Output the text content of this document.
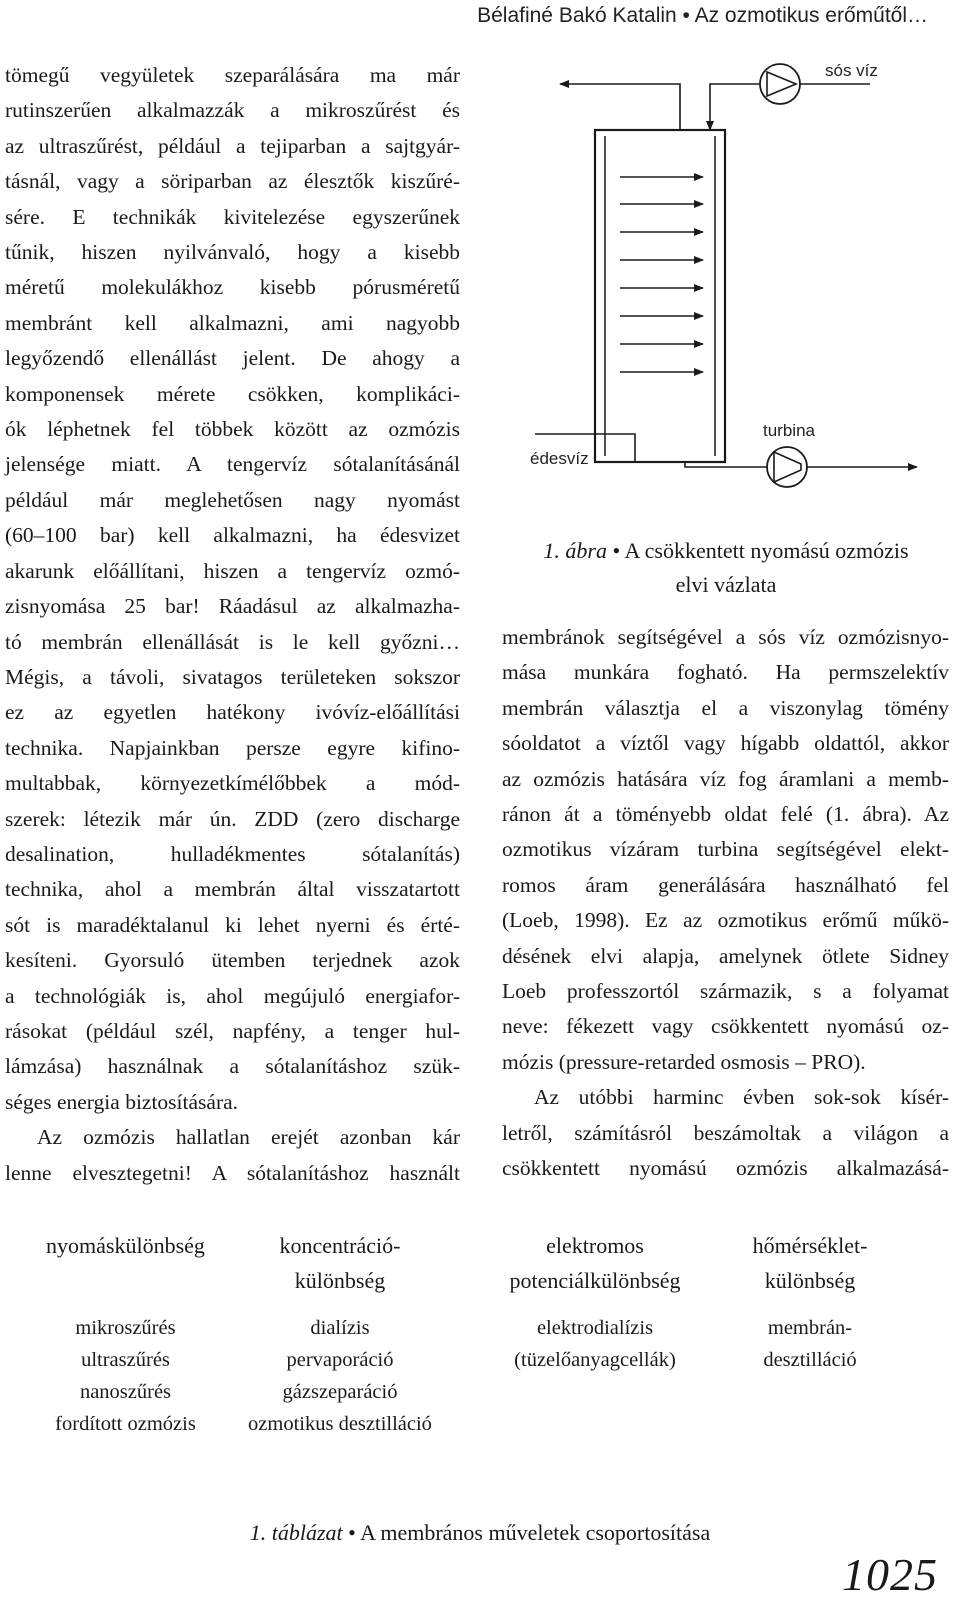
Bélafiné Bakó Katalin • Az ozmotikus erőműtől…
tömegű vegyületek szeparálására ma már
rutinszerűen alkalmazzák a mikroszűrést és
az ultraszűrést, például a tejiparban a sajtgyár-
tásnál, vagy a söriparban az élesztők kiszűré-
sére. E technikák kivitelezése egyszerűnek
tűnik, hiszen nyilvánvaló, hogy a kisebb
méretű molekulákhoz kisebb pórusméretű
membránt kell alkalmazni, ami nagyobb
legyőzendő ellenállást jelent. De ahogy a
komponensek mérete csökken, komplikáci-
ók léphetnek fel többek között az ozmózis
jelensége miatt. A tengervíz sótalanításánál
például már meglehetősen nagy nyomást
(60–100 bar) kell alkalmazni, ha édesvizet
akarunk előállítani, hiszen a tengervíz ozmó-
zisnyomása 25 bar! Ráadásul az alkalmazha-
tó membrán ellenállását is le kell győzni…
Mégis, a távoli, sivatagos területeken sokszor
ez az egyetlen hatékony ivóvíz-előállítási
technika. Napjainkban persze egyre kifino-
multabbak, környezetkímélőbbek a mód-
szerek: létezik már ún. ZDD (zero discharge
desalination, hulladékmentes sótalanítás)
technika, ahol a membrán által visszatartott
sót is maradéktalanul ki lehet nyerni és érté-
kesíteni. Gyorsuló ütemben terjednek azok
a technológiák is, ahol megújuló energiafor-
rásokat (például szél, napfény, a tenger hul-
lámzása) használnak a sótalanításhoz szük-
séges energia biztosítására.
Az ozmózis hallatlan erejét azonban kár
lenne elvesztegetni! A sótalanításhoz használt
sós víz
édesvíz
turbina
1. ábra • A csökkentett nyomású ozmózis
elvi vázlata
membránok segítségével a sós víz ozmózisnyo-
mása munkára fogható. Ha permszelektív
membrán választja el a viszonylag tömény
sóoldatot a víztől vagy hígabb oldattól, akkor
az ozmózis hatására víz fog áramlani a memb-
ránon át a töményebb oldat felé (1. ábra). Az
ozmotikus vízáram turbina segítségével elekt-
romos áram generálására használható fel
(Loeb, 1998). Ez az ozmotikus erőmű műkö-
désének elvi alapja, amelynek ötlete Sidney
Loeb professzortól származik, s a folyamat
neve: fékezett vagy csökkentett nyomású oz-
mózis (pressure-retarded osmosis – PRO).
Az utóbbi harminc évben sok-sok kísér-
letről, számításról beszámoltak a világon a
csökkentett nyomású ozmózis alkalmazásá-
nyomáskülönbség
mikroszűrés
ultraszűrés
nanoszűrés
fordított ozmózis
koncentráció-
különbség
dialízis
pervaporáció
gázszeparáció
ozmotikus desztilláció
elektromos
potenciálkülönbség
elektrodialízis
(tüzelőanyagcellák)
hőmérséklet-
különbség
membrán-
desztilláció
1. táblázat • A membrános műveletek csoportosítása
1025
